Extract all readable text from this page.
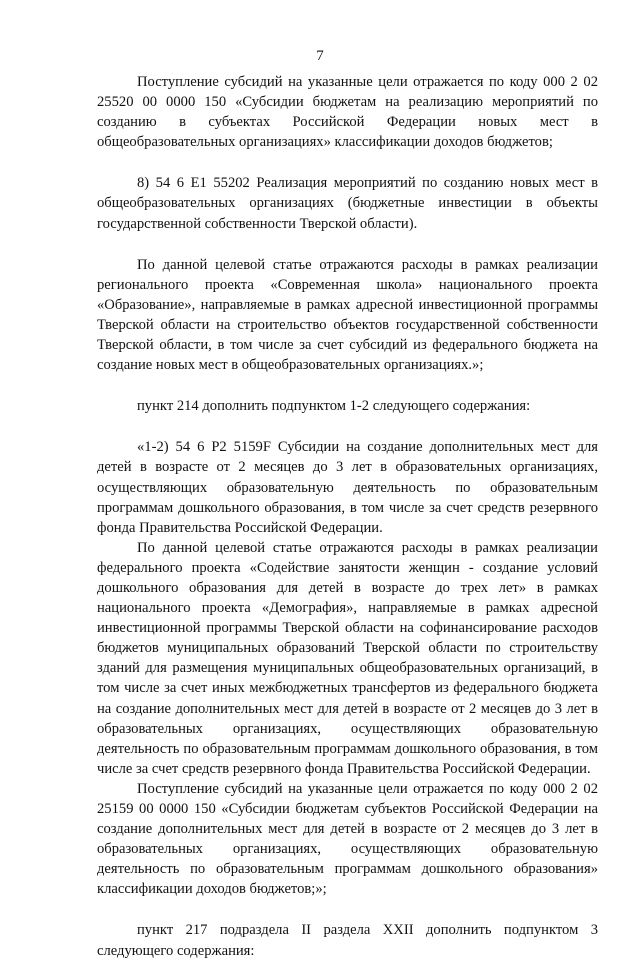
7

Поступление субсидий на указанные цели отражается по коду 000 2 02 25520 00 0000 150 «Субсидии бюджетам на реализацию мероприятий по созданию в субъектах Российской Федерации новых мест в общеобразовательных организациях» классификации доходов бюджетов;

8) 54 6 E1 55202 Реализация мероприятий по созданию новых мест в общеобразовательных организациях (бюджетные инвестиции в объекты государственной собственности Тверской области).

По данной целевой статье отражаются расходы в рамках реализации регионального проекта «Современная школа» национального проекта «Образование», направляемые в рамках адресной инвестиционной программы Тверской области на строительство объектов государственной собственности Тверской области, в том числе за счет субсидий из федерального бюджета на создание новых мест в общеобразовательных организациях.»;

пункт 214 дополнить подпунктом 1-2 следующего содержания:

«1-2) 54 6 P2 5159F Субсидии на создание дополнительных мест для детей в возрасте от 2 месяцев до 3 лет в образовательных организациях, осуществляющих образовательную деятельность по образовательным программам дошкольного образования, в том числе за счет средств резервного фонда Правительства Российской Федерации.

По данной целевой статье отражаются расходы в рамках реализации федерального проекта «Содействие занятости женщин - создание условий дошкольного образования для детей в возрасте до трех лет» в рамках национального проекта «Демография», направляемые в рамках адресной инвестиционной программы Тверской области на софинансирование расходов бюджетов муниципальных образований Тверской области по строительству зданий для размещения муниципальных общеобразовательных организаций, в том числе за счет иных межбюджетных трансфертов из федерального бюджета на создание дополнительных мест для детей в возрасте от 2 месяцев до 3 лет в образовательных организациях, осуществляющих образовательную деятельность по образовательным программам дошкольного образования, в том числе за счет средств резервного фонда Правительства Российской Федерации.

Поступление субсидий на указанные цели отражается по коду 000 2 02 25159 00 0000 150 «Субсидии бюджетам субъектов Российской Федерации на создание дополнительных мест для детей в возрасте от 2 месяцев до 3 лет в образовательных организациях, осуществляющих образовательную деятельность по образовательным программам дошкольного образования» классификации доходов бюджетов;»;

пункт 217 подраздела II раздела XXII дополнить подпунктом 3 следующего содержания:
